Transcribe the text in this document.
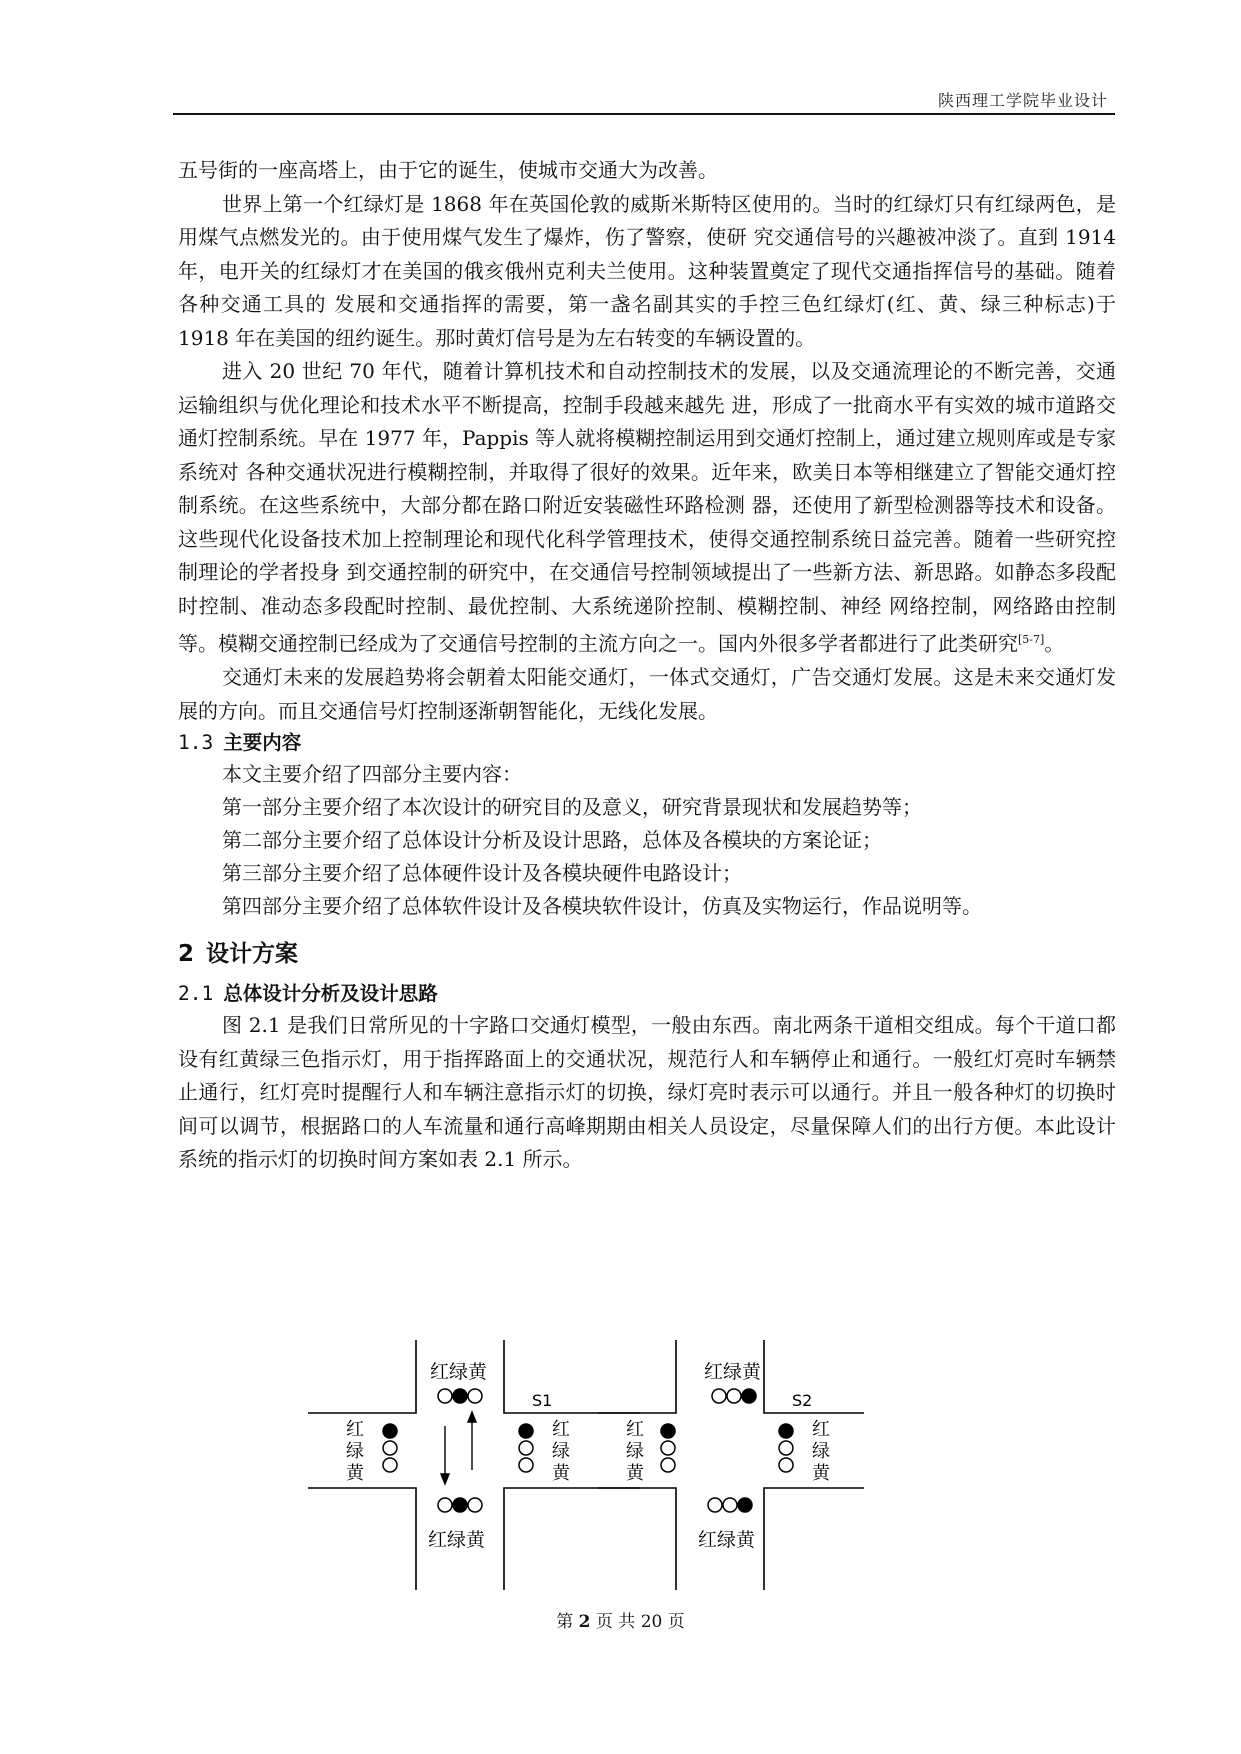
陕西理工学院毕业设计

五号街的一座高塔上，由于它的诞生，使城市交通大为改善。

世界上第一个红绿灯是 1868 年在英国伦敦的威斯米斯特区使用的。当时的红绿灯只有红绿两色，是用煤气点燃发光的。由于使用煤气发生了爆炸，伤了警察，使研 究交通信号的兴趣被冲淡了。直到 1914 年，电开关的红绿灯才在美国的俄亥俄州克利夫兰使用。这种装置奠定了现代交通指挥信号的基础。随着各种交通工具的 发展和交通指挥的需要，第一盏名副其实的手控三色红绿灯(红、黄、绿三种标志)于 1918 年在美国的纽约诞生。那时黄灯信号是为左右转变的车辆设置的。

进入 20 世纪 70 年代，随着计算机技术和自动控制技术的发展，以及交通流理论的不断完善，交通运输组织与优化理论和技术水平不断提高，控制手段越来越先 进，形成了一批商水平有实效的城市道路交通灯控制系统。早在 1977 年，Pappis 等人就将模糊控制运用到交通灯控制上，通过建立规则库或是专家系统对 各种交通状况进行模糊控制，并取得了很好的效果。近年来，欧美日本等相继建立了智能交通灯控制系统。在这些系统中，大部分都在路口附近安装磁性环路检测 器，还使用了新型检测器等技术和设备。这些现代化设备技术加上控制理论和现代化科学管理技术，使得交通控制系统日益完善。随着一些研究控制理论的学者投身 到交通控制的研究中，在交通信号控制领域提出了一些新方法、新思路。如静态多段配时控制、准动态多段配时控制、最优控制、大系统递阶控制、模糊控制、神经 网络控制，网络路由控制等。模糊交通控制已经成为了交通信号控制的主流方向之一。国内外很多学者都进行了此类研究[5-7]。

交通灯未来的发展趋势将会朝着太阳能交通灯，一体式交通灯，广告交通灯发展。这是未来交通灯发展的方向。而且交通信号灯控制逐渐朝智能化，无线化发展。

1.3 主要内容

本文主要介绍了四部分主要内容：

第一部分主要介绍了本次设计的研究目的及意义，研究背景现状和发展趋势等；

第二部分主要介绍了总体设计分析及设计思路，总体及各模块的方案论证；

第三部分主要介绍了总体硬件设计及各模块硬件电路设计；

第四部分主要介绍了总体软件设计及各模块软件设计，仿真及实物运行，作品说明等。

2 设计方案
2.1 总体设计分析及设计思路

图 2.1 是我们日常所见的十字路口交通灯模型，一般由东西。南北两条干道相交组成。每个干道口都设有红黄绿三色指示灯，用于指挥路面上的交通状况，规范行人和车辆停止和通行。一般红灯亮时车辆禁止通行，红灯亮时提醒行人和车辆注意指示灯的切换，绿灯亮时表示可以通行。并且一般各种灯的切换时间可以调节，根据路口的人车流量和通行高峰期期由相关人员设定，尽量保障人们的出行方便。本此设计系统的指示灯的切换时间方案如表 2.1 所示。

红绿黄
S1
红
绿
黄
红
绿
黄
红绿黄
红绿黄
S2
红
绿
黄
红
绿
黄
红绿黄
第 2 页 共 20 页
